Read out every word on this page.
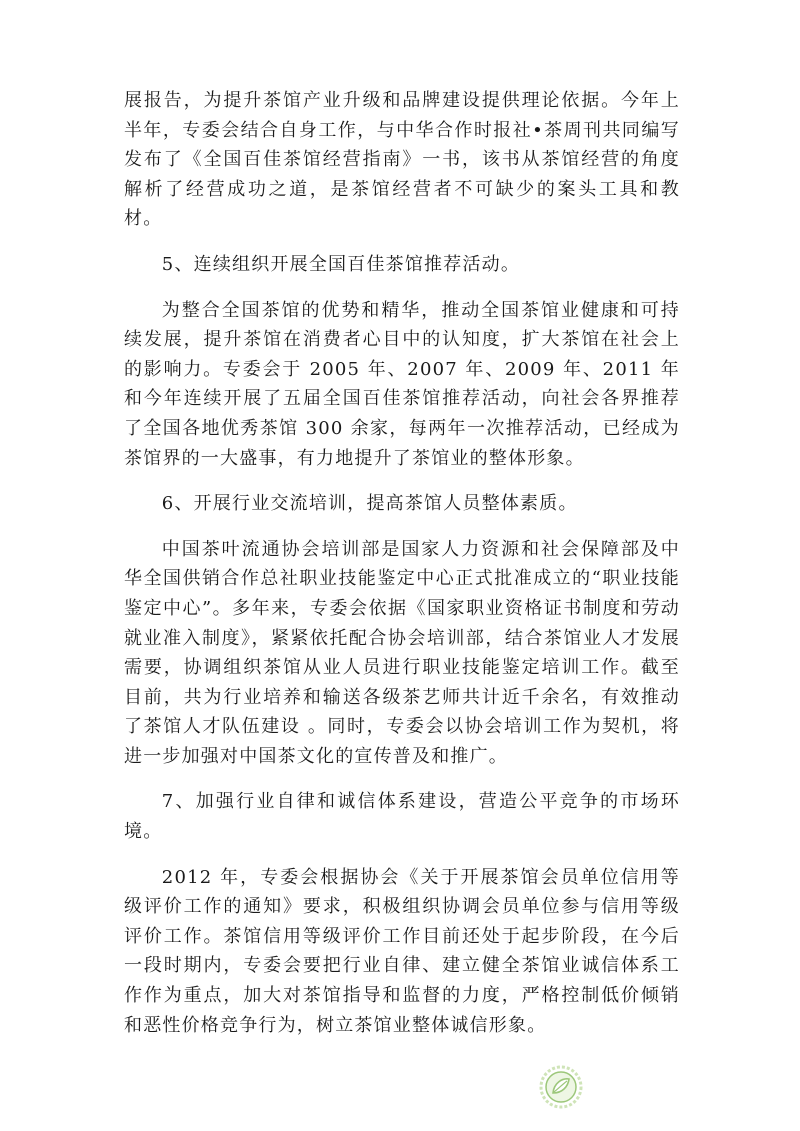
展报告，为提升茶馆产业升级和品牌建设提供理论依据。今年上半年，专委会结合自身工作，与中华合作时报社•茶周刊共同编写发布了《全国百佳茶馆经营指南》一书，该书从茶馆经营的角度解析了经营成功之道，是茶馆经营者不可缺少的案头工具和教材。

5、连续组织开展全国百佳茶馆推荐活动。

为整合全国茶馆的优势和精华，推动全国茶馆业健康和可持续发展，提升茶馆在消费者心目中的认知度，扩大茶馆在社会上的影响力。专委会于 2005 年、2007 年、2009 年、2011 年和今年连续开展了五届全国百佳茶馆推荐活动，向社会各界推荐了全国各地优秀茶馆 300 余家，每两年一次推荐活动，已经成为茶馆界的一大盛事，有力地提升了茶馆业的整体形象。

6、开展行业交流培训，提高茶馆人员整体素质。

中国茶叶流通协会培训部是国家人力资源和社会保障部及中华全国供销合作总社职业技能鉴定中心正式批准成立的“职业技能鉴定中心”。多年来，专委会依据《国家职业资格证书制度和劳动就业准入制度》，紧紧依托配合协会培训部，结合茶馆业人才发展需要，协调组织茶馆从业人员进行职业技能鉴定培训工作。截至目前，共为行业培养和输送各级茶艺师共计近千余名，有效推动了茶馆人才队伍建设 。同时，专委会以协会培训工作为契机，将进一步加强对中国茶文化的宣传普及和推广。

7、加强行业自律和诚信体系建设，营造公平竞争的市场环境。

2012 年，专委会根据协会《关于开展茶馆会员单位信用等级评价工作的通知》要求，积极组织协调会员单位参与信用等级评价工作。茶馆信用等级评价工作目前还处于起步阶段，在今后一段时期内，专委会要把行业自律、建立健全茶馆业诚信体系工作作为重点，加大对茶馆指导和监督的力度，严格控制低价倾销和恶性价格竞争行为，树立茶馆业整体诚信形象。
